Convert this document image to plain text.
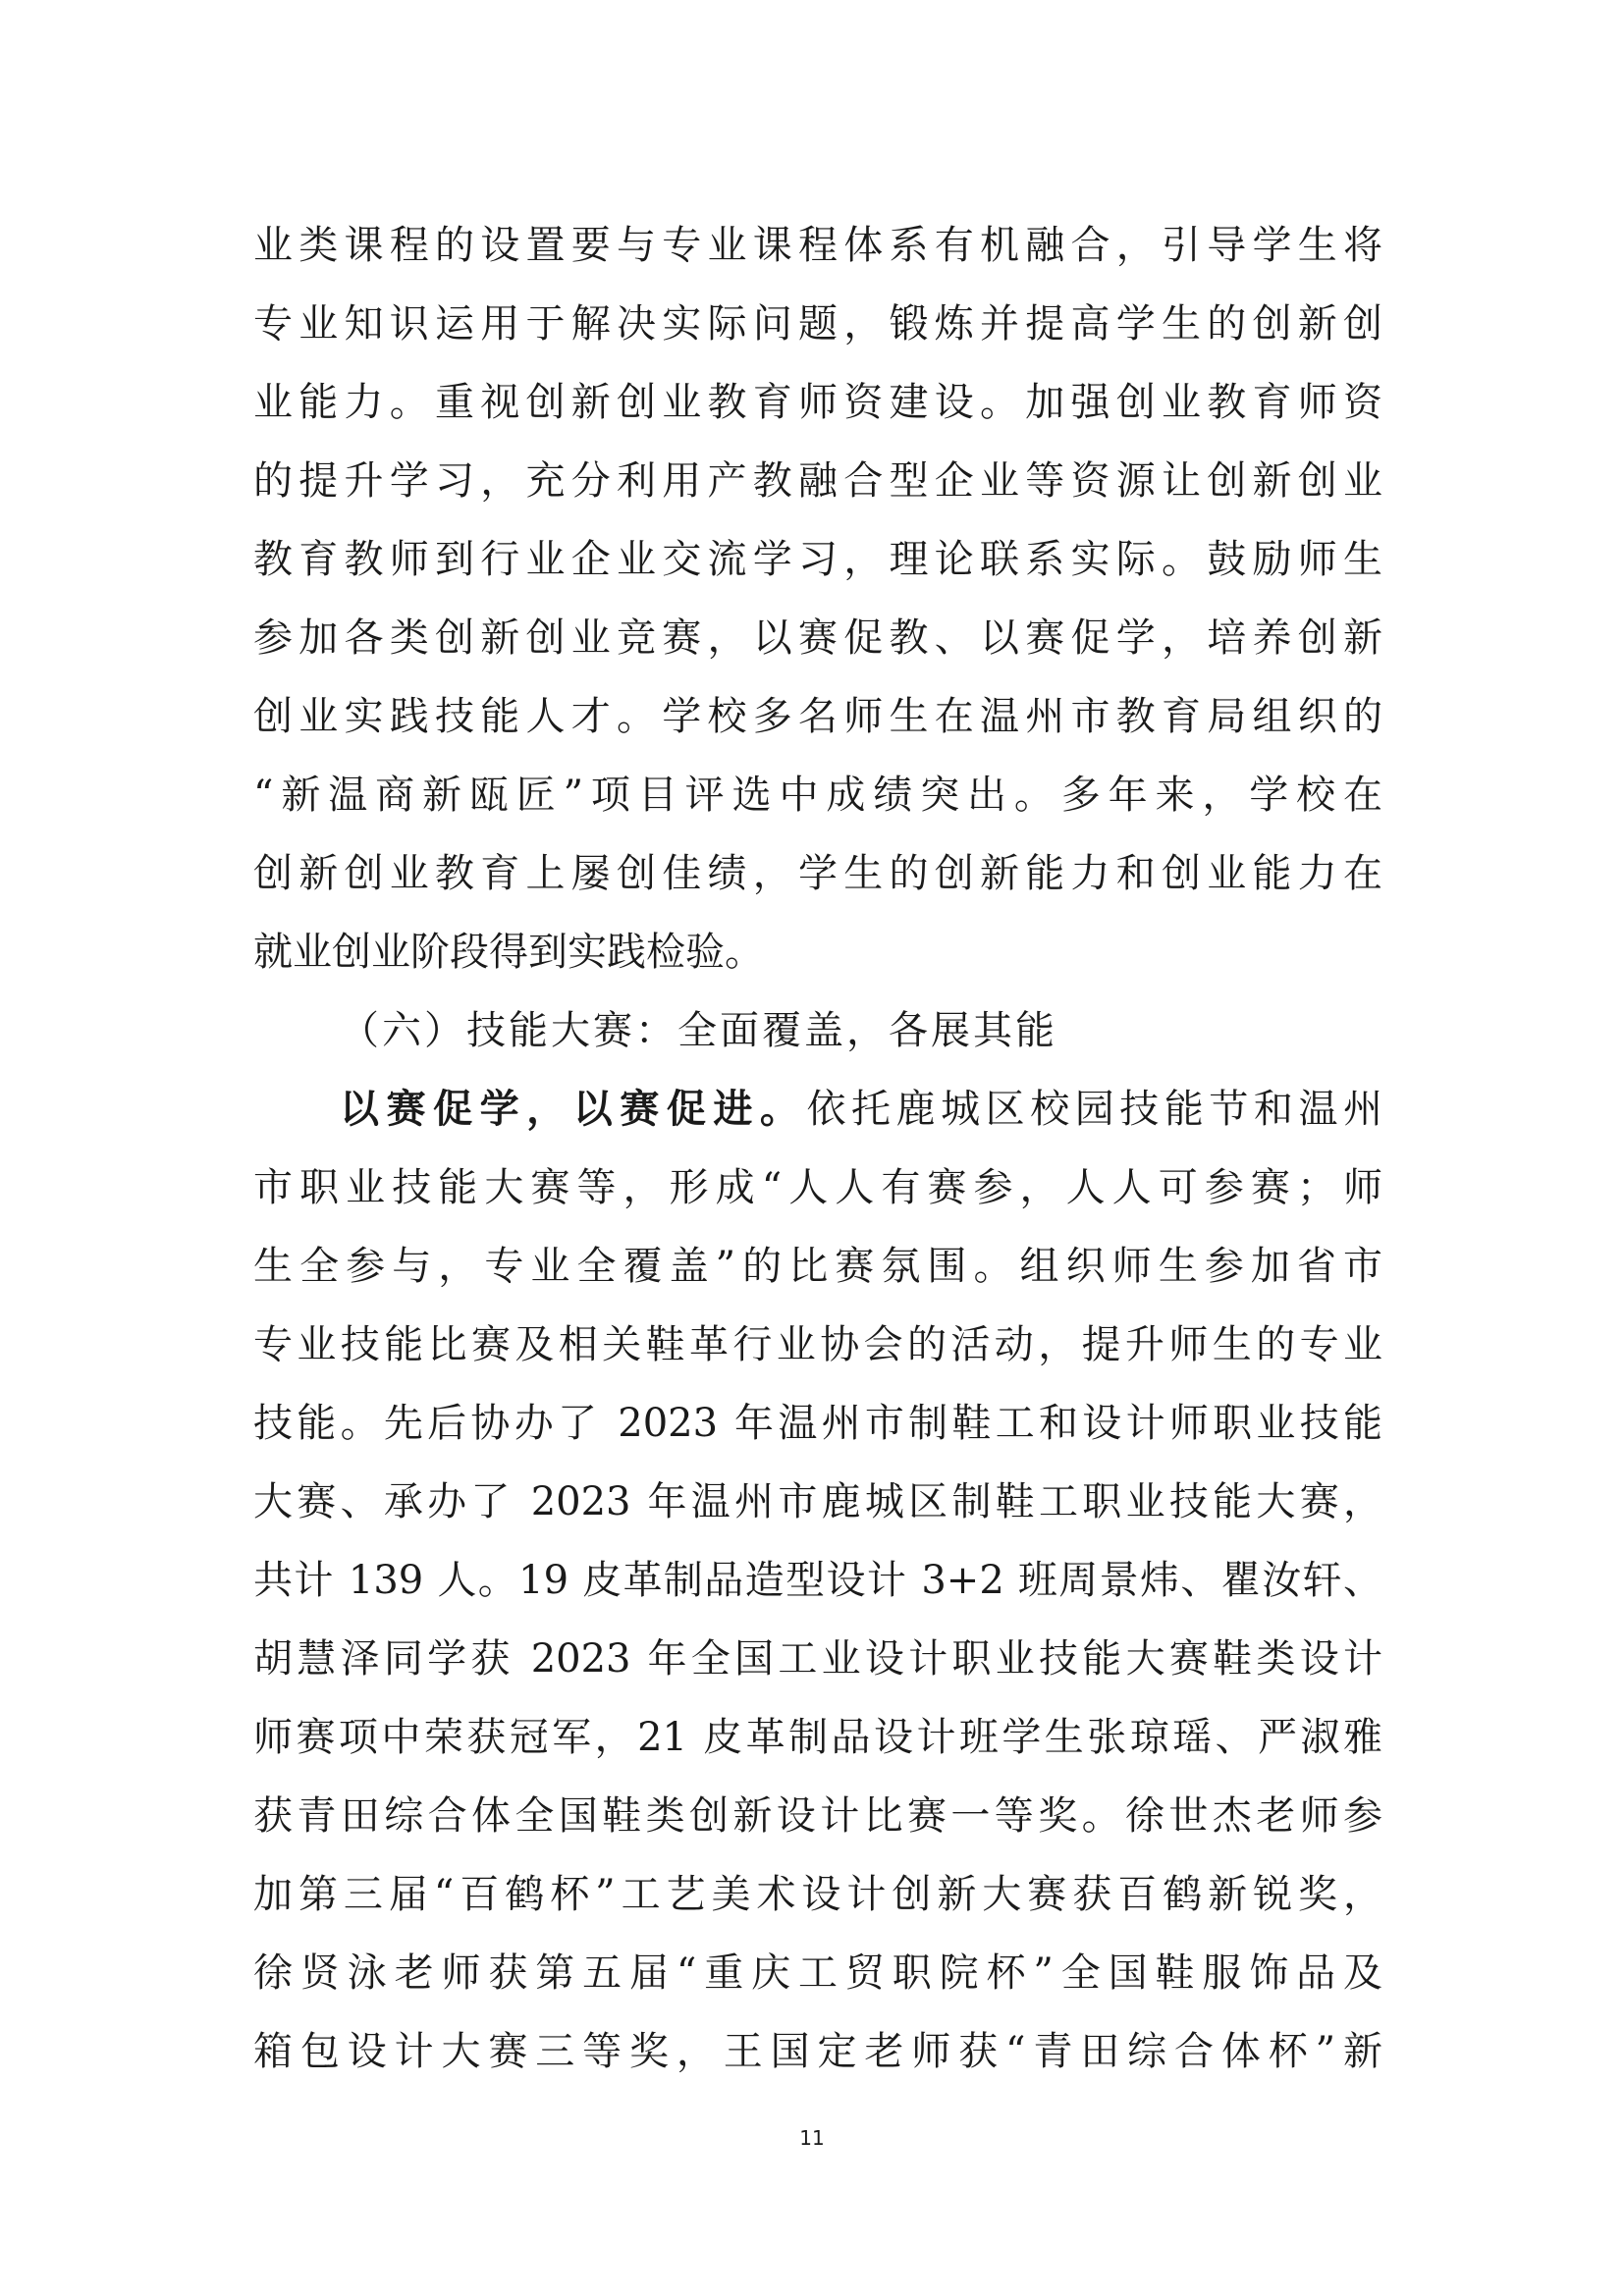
业类课程的设置要与专业课程体系有机融合，引导学生将
专业知识运用于解决实际问题，锻炼并提高学生的创新创
业能力。重视创新创业教育师资建设。加强创业教育师资
的提升学习，充分利用产教融合型企业等资源让创新创业
教育教师到行业企业交流学习，理论联系实际。鼓励师生
参加各类创新创业竞赛，以赛促教、以赛促学，培养创新
创业实践技能人才。学校多名师生在温州市教育局组织的
“新温商新瓯匠”项目评选中成绩突出。多年来，学校在
创新创业教育上屡创佳绩，学生的创新能力和创业能力在
就业创业阶段得到实践检验。
（六）技能大赛：全面覆盖，各展其能
以赛促学，以赛促进。依托鹿城区校园技能节和温州
市职业技能大赛等，形成“人人有赛参，人人可参赛；师
生全参与，专业全覆盖”的比赛氛围。组织师生参加省市
专业技能比赛及相关鞋革行业协会的活动，提升师生的专业
技能。先后协办了 2023 年温州市制鞋工和设计师职业技能
大赛、承办了 2023 年温州市鹿城区制鞋工职业技能大赛，
共计 139 人。19 皮革制品造型设计 3+2 班周景炜、瞿汝轩、
胡慧泽同学获 2023 年全国工业设计职业技能大赛鞋类设计
师赛项中荣获冠军，21 皮革制品设计班学生张琼瑶、严淑雅
获青田综合体全国鞋类创新设计比赛一等奖。徐世杰老师参
加第三届“百鹤杯”工艺美术设计创新大赛获百鹤新锐奖，
徐贤泳老师获第五届“重庆工贸职院杯”全国鞋服饰品及
箱包设计大赛三等奖，王国定老师获“青田综合体杯”新
11
